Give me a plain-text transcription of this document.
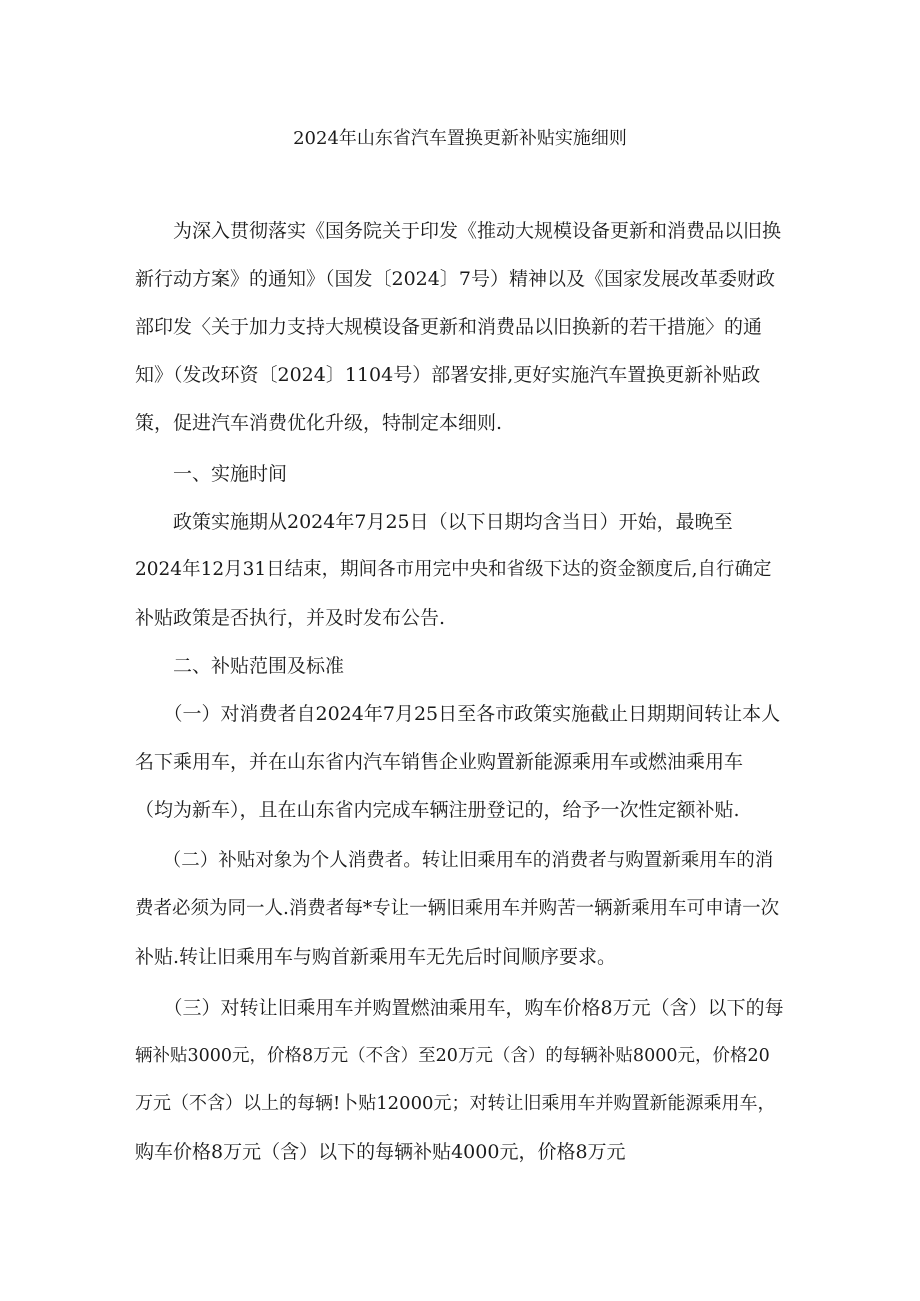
2024年山东省汽车置换更新补贴实施细则
　　为深入贯彻落实《国务院关于印发《推动大规模设备更新和消费品以旧换
新行动方案》的通知》（国发〔2024〕7号）精神以及《国家发展改革委财政
部印发〈关于加力支持大规模设备更新和消费品以旧换新的若干措施〉的通
知》（发改环资〔2024〕1104号）部署安排,更好实施汽车置换更新补贴政
策，促进汽车消费优化升级，特制定本细则.
　　一、实施时间
　　政策实施期从2024年7月25日（以下日期均含当日）开始，最晚至
2024年12月31日结束，期间各市用完中央和省级下达的资金额度后,自行确定
补贴政策是否执行，并及时发布公告.
　　二、补贴范围及标准
　　（一）对消费者自2024年7月25日至各市政策实施截止日期期间转让本人
名下乘用车，并在山东省内汽车销售企业购置新能源乘用车或燃油乘用车
（均为新车），且在山东省内完成车辆注册登记的，给予一次性定额补贴.
　　（二）补贴对象为个人消费者。转让旧乘用车的消费者与购置新乘用车的消
费者必须为同一人.消费者每*专让一辆旧乘用车并购苦一辆新乘用车可申请一次
补贴.转让旧乘用车与购首新乘用车无先后时间顺序要求。
　　（三）对转让旧乘用车并购置燃油乘用车，购车价格8万元（含）以下的每
辆补贴3000元，价格8万元（不含）至20万元（含）的每辆补贴8000元，价格20
万元（不含）以上的每辆!卜贴12000元；对转让旧乘用车并购置新能源乘用车，
购车价格8万元（含）以下的每辆补贴4000元，价格8万元
